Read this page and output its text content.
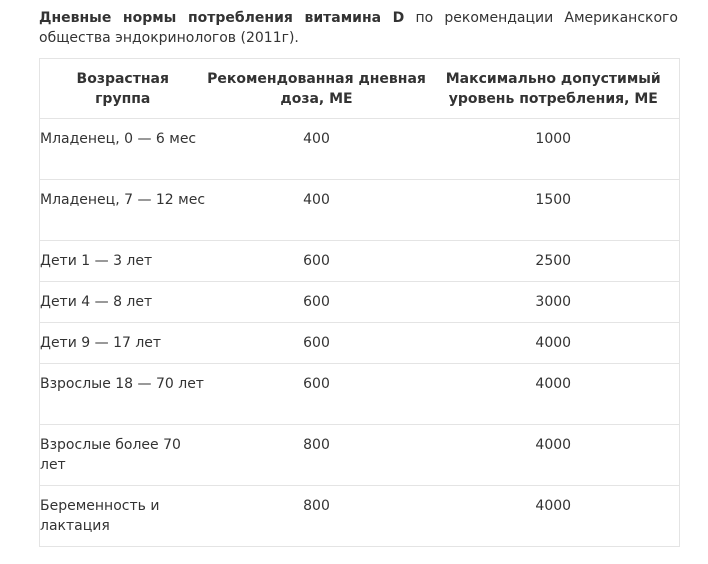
Дневные нормы потребления витамина D по рекомендации Американского общества эндокринологов (2011г).

Возрастная группа	Рекомендованная дневная доза, МЕ	Максимально допустимый уровень потребления, МЕ
Младенец, 0 — 6 мес	400	1000
Младенец, 7 — 12 мес	400	1500
Дети 1 — 3 лет	600	2500
Дети 4 — 8 лет	600	3000
Дети 9 — 17 лет	600	4000
Взрослые 18 — 70 лет	600	4000
Взрослые более 70 лет	800	4000
Беременность и лактация	800	4000
